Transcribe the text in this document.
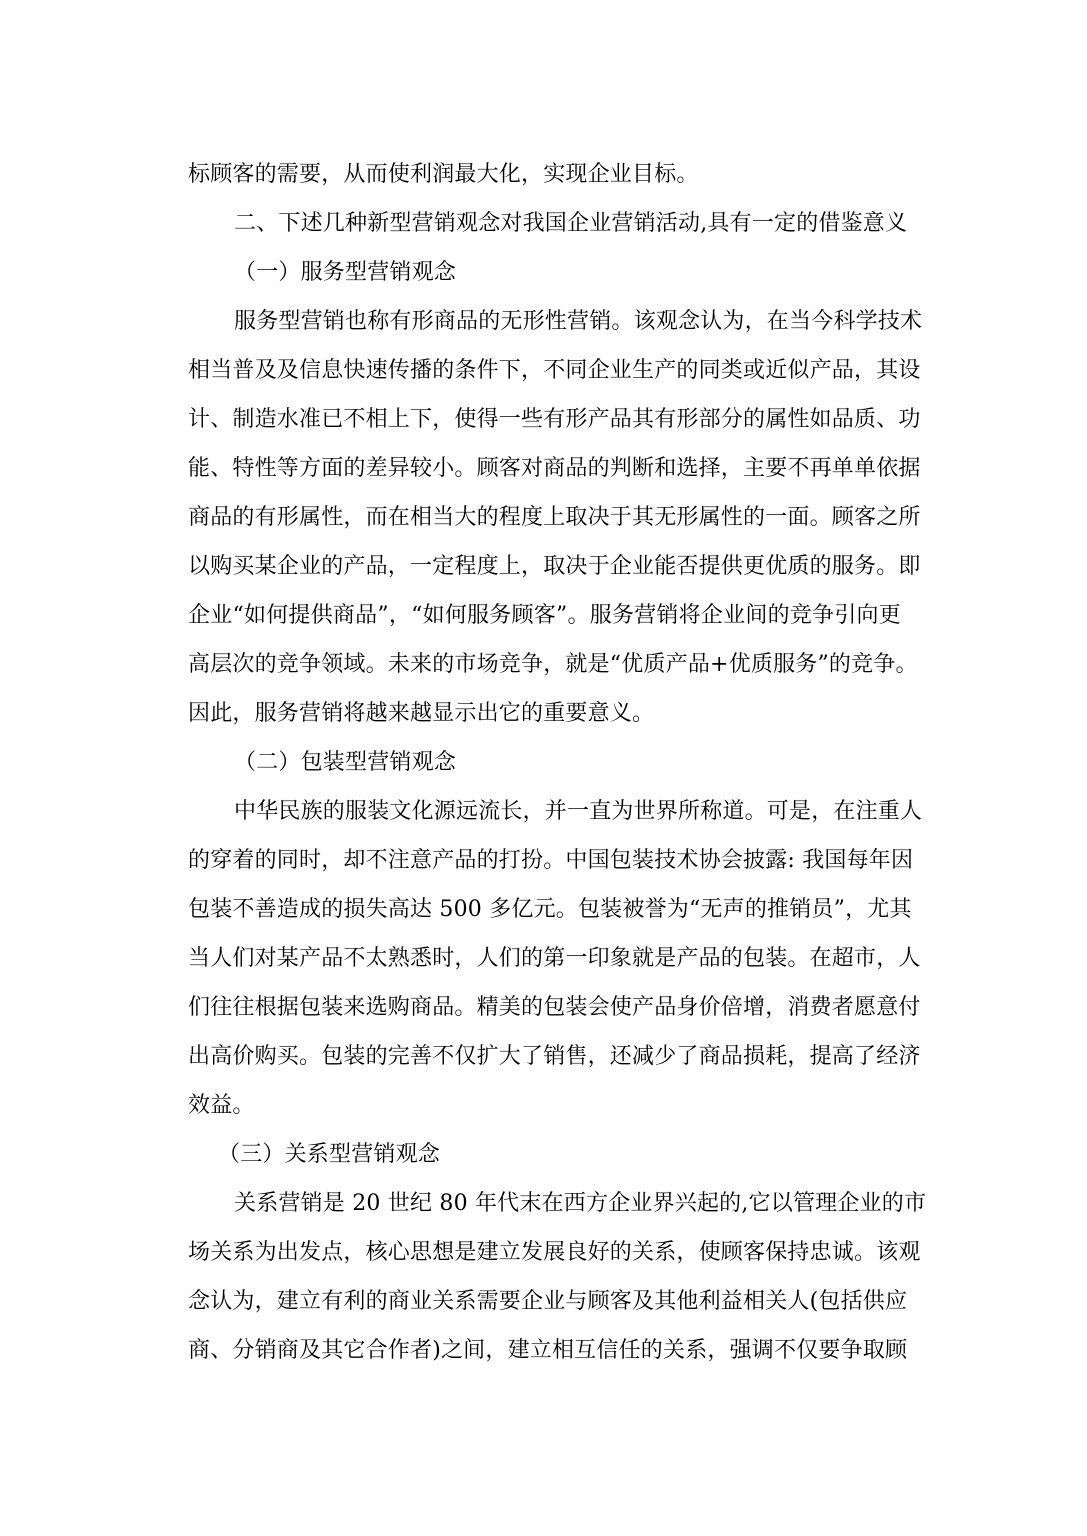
标顾客的需要，从而使利润最大化，实现企业目标。
二、下述几种新型营销观念对我国企业营销活动,具有一定的借鉴意义
（一）服务型营销观念
服务型营销也称有形商品的无形性营销。该观念认为，在当今科学技术
相当普及及信息快速传播的条件下，不同企业生产的同类或近似产品，其设
计、制造水准已不相上下，使得一些有形产品其有形部分的属性如品质、功
能、特性等方面的差异较小。顾客对商品的判断和选择，主要不再单单依据
商品的有形属性，而在相当大的程度上取决于其无形属性的一面。顾客之所
以购买某企业的产品，一定程度上，取决于企业能否提供更优质的服务。即
企业“如何提供商品”，“如何服务顾客”。服务营销将企业间的竞争引向更
高层次的竞争领域。未来的市场竞争，就是“优质产品+优质服务”的竞争。
因此，服务营销将越来越显示出它的重要意义。
（二）包装型营销观念
中华民族的服装文化源远流长，并一直为世界所称道。可是，在注重人
的穿着的同时，却不注意产品的打扮。中国包装技术协会披露: 我国每年因
包装不善造成的损失高达 500 多亿元。包装被誉为“无声的推销员”，尤其
当人们对某产品不太熟悉时，人们的第一印象就是产品的包装。在超市，人
们往往根据包装来选购商品。精美的包装会使产品身价倍增，消费者愿意付
出高价购买。包装的完善不仅扩大了销售，还减少了商品损耗，提高了经济
效益。
（三）关系型营销观念
关系营销是 20 世纪 80 年代末在西方企业界兴起的,它以管理企业的市
场关系为出发点，核心思想是建立发展良好的关系，使顾客保持忠诚。该观
念认为，建立有利的商业关系需要企业与顾客及其他利益相关人(包括供应
商、分销商及其它合作者)之间，建立相互信任的关系，强调不仅要争取顾
